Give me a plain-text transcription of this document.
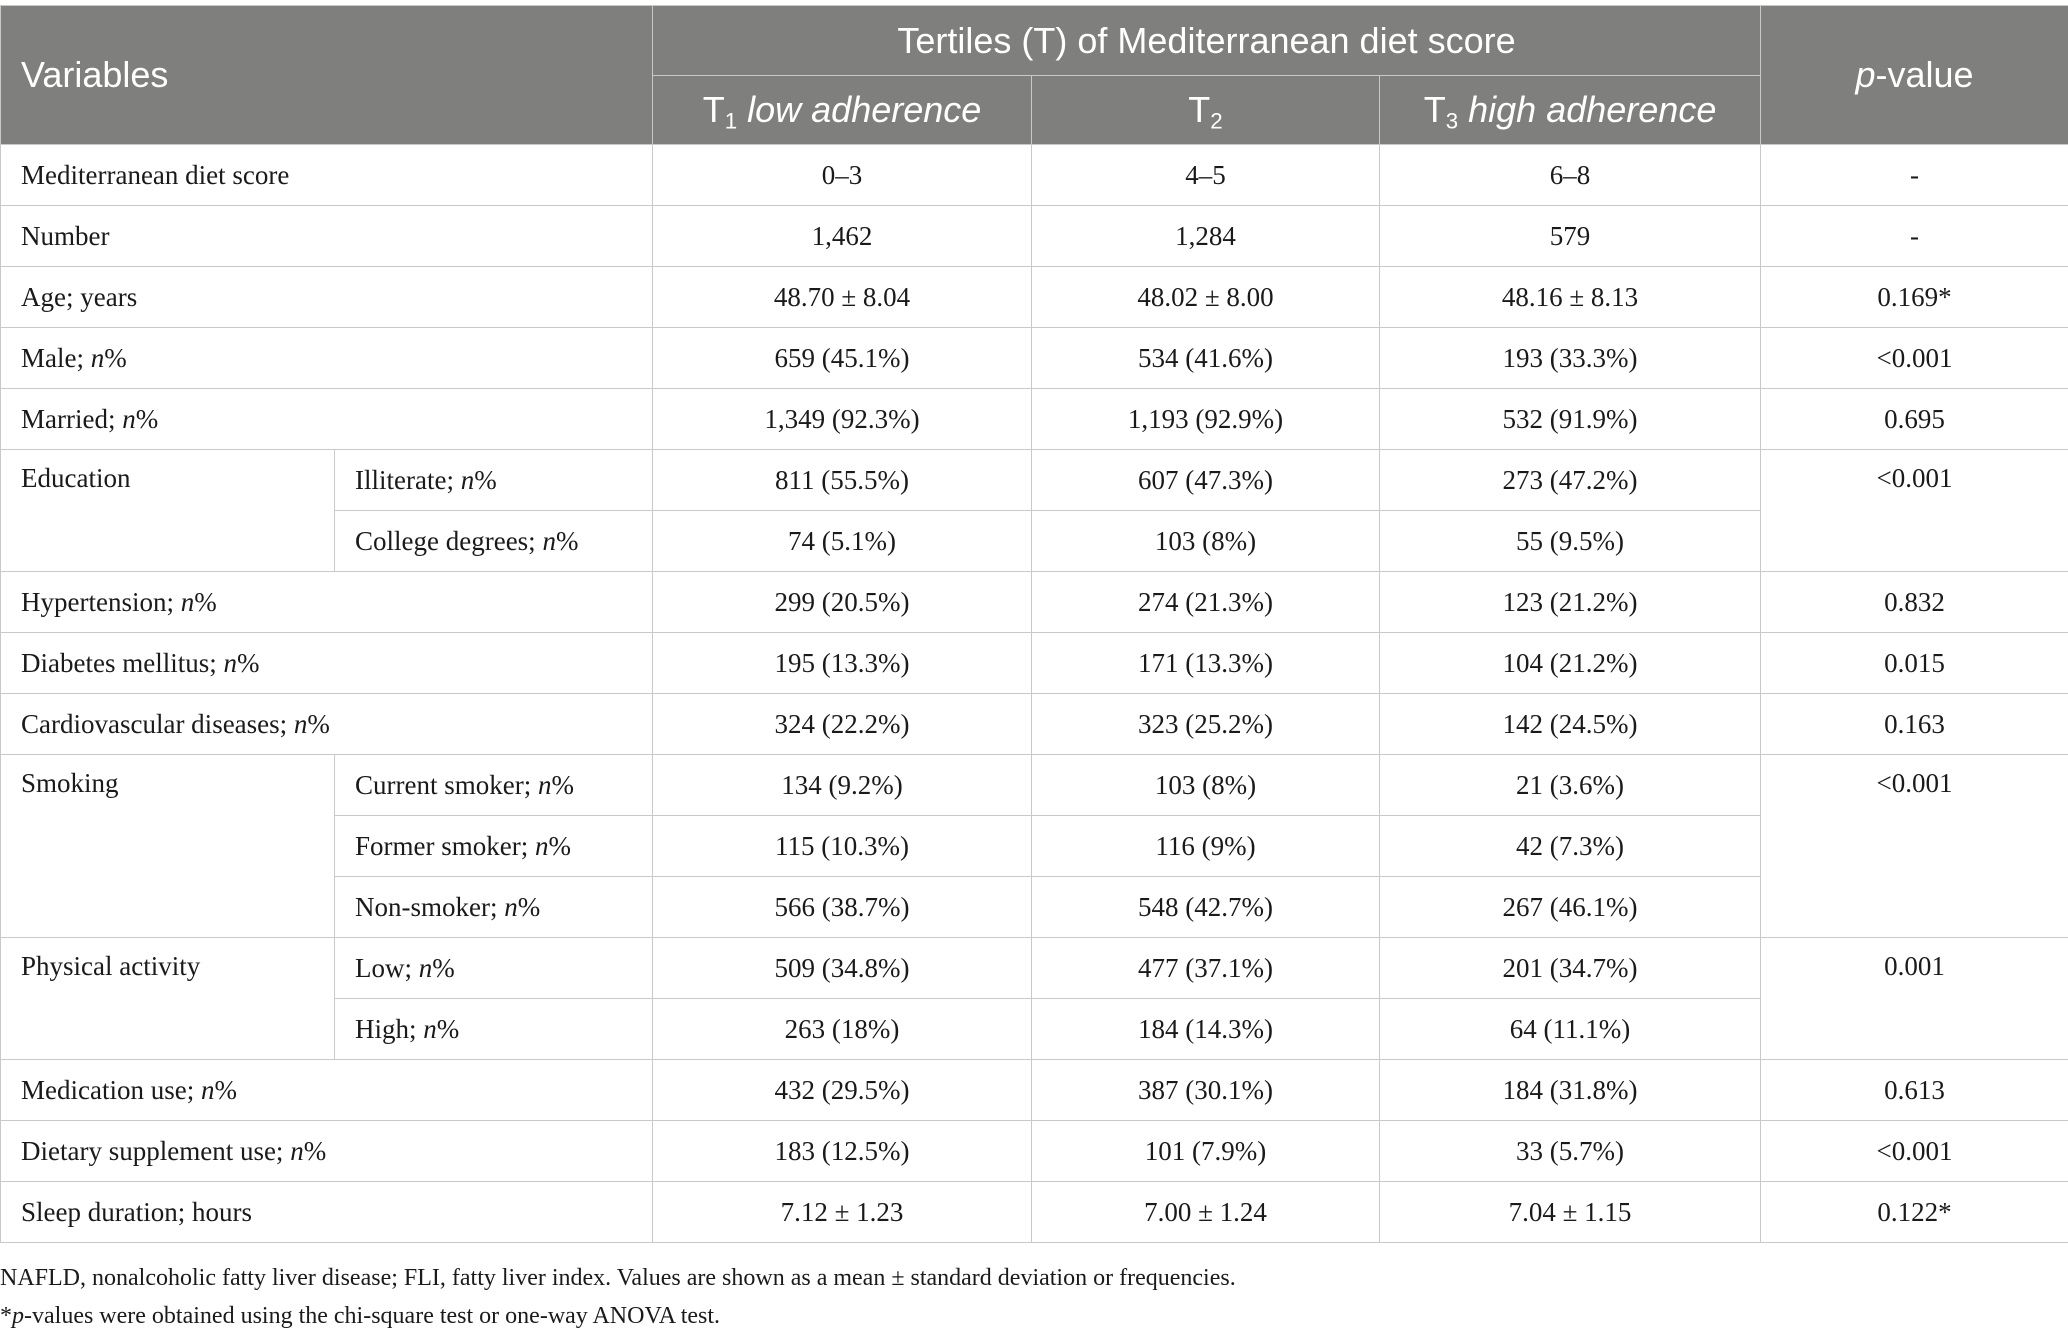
Variables		Tertiles (T) of Mediterranean diet score			p-value
		$T_1$ low adherence	$T_2$	$T_3$ high adherence	
Mediterranean diet score		0–3	4–5	6–8	-
Number		1,462	1,284	579	-
Age; years		48.70 ± 8.04	48.02 ± 8.00	48.16 ± 8.13	0.169*
Male; n%		659 (45.1%)	534 (41.6%)	193 (33.3%)	<0.001
Married; n%		1,349 (92.3%)	1,193 (92.9%)	532 (91.9%)	0.695
Education	Illiterate; n%	811 (55.5%)	607 (47.3%)	273 (47.2%)	<0.001
	College degrees; n%	74 (5.1%)	103 (8%)	55 (9.5%)	
Hypertension; n%		299 (20.5%)	274 (21.3%)	123 (21.2%)	0.832
Diabetes mellitus; n%		195 (13.3%)	171 (13.3%)	104 (21.2%)	0.015
Cardiovascular diseases; n%		324 (22.2%)	323 (25.2%)	142 (24.5%)	0.163
Smoking	Current smoker; n%	134 (9.2%)	103 (8%)	21 (3.6%)	<0.001
	Former smoker; n%	115 (10.3%)	116 (9%)	42 (7.3%)	
	Non-smoker; n%	566 (38.7%)	548 (42.7%)	267 (46.1%)	
Physical activity	Low; n%	509 (34.8%)	477 (37.1%)	201 (34.7%)	0.001
	High; n%	263 (18%)	184 (14.3%)	64 (11.1%)	
Medication use; n%		432 (29.5%)	387 (30.1%)	184 (31.8%)	0.613
Dietary supplement use; n%		183 (12.5%)	101 (7.9%)	33 (5.7%)	<0.001
Sleep duration; hours		7.12 ± 1.23	7.00 ± 1.24	7.04 ± 1.15	0.122*
NAFLD, nonalcoholic fatty liver disease; FLI, fatty liver index. Values are shown as a mean ± standard deviation or frequencies.
*p-values were obtained using the chi-square test or one-way ANOVA test.
